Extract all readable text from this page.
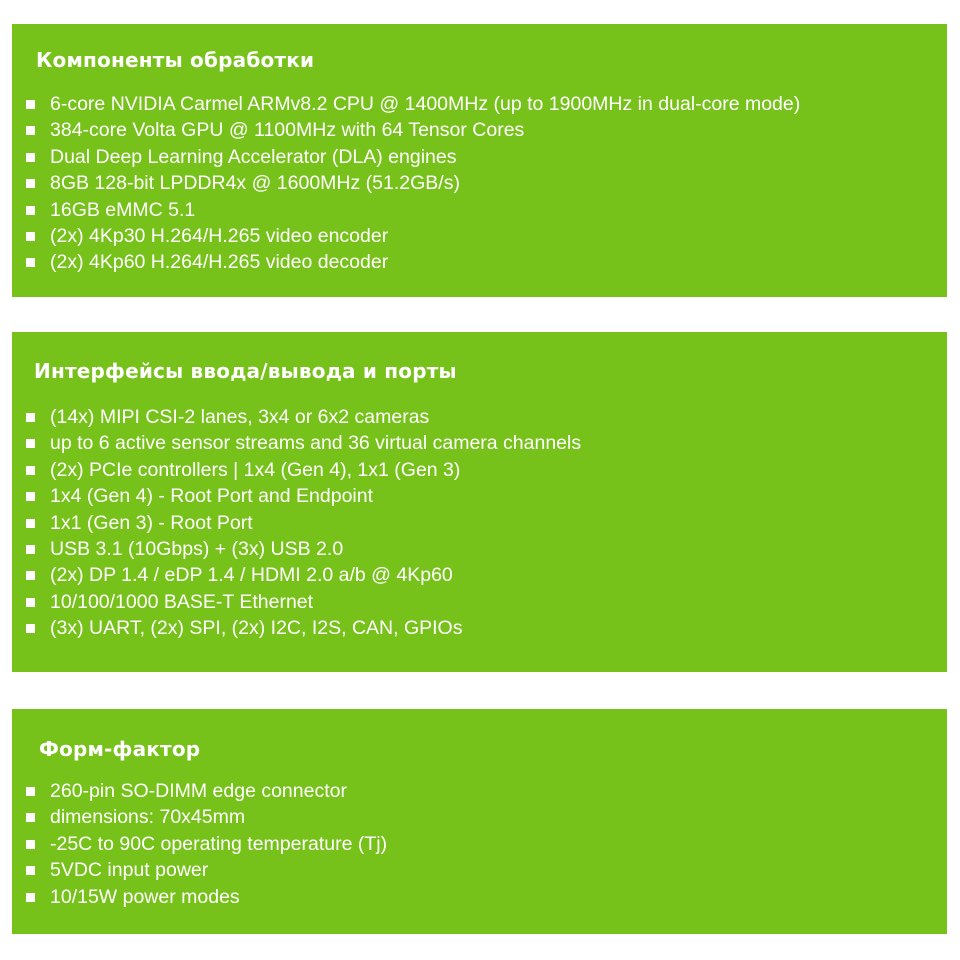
Компоненты обработки
6-core NVIDIA Carmel ARMv8.2 CPU @ 1400MHz (up to 1900MHz in dual-core mode)
384-core Volta GPU @ 1100MHz with 64 Tensor Cores
Dual Deep Learning Accelerator (DLA) engines
8GB 128-bit LPDDR4x @ 1600MHz (51.2GB/s)
16GB eMMC 5.1
(2x) 4Kp30 H.264/H.265 video encoder
(2x) 4Kp60 H.264/H.265 video decoder
Интерфейсы ввода/вывода и порты
(14x) MIPI CSI-2 lanes, 3x4 or 6x2 cameras
up to 6 active sensor streams and 36 virtual camera channels
(2x) PCIe controllers | 1x4 (Gen 4), 1x1 (Gen 3)
1x4 (Gen 4) - Root Port and Endpoint
1x1 (Gen 3) - Root Port
USB 3.1 (10Gbps) + (3x) USB 2.0
(2x) DP 1.4 / eDP 1.4 / HDMI 2.0 a/b @ 4Kp60
10/100/1000 BASE-T Ethernet
(3x) UART, (2x) SPI, (2x) I2C, I2S, CAN, GPIOs
Форм-фактор
260-pin SO-DIMM edge connector
dimensions: 70x45mm
-25C to 90C operating temperature (Tj)
5VDC input power
10/15W power modes
